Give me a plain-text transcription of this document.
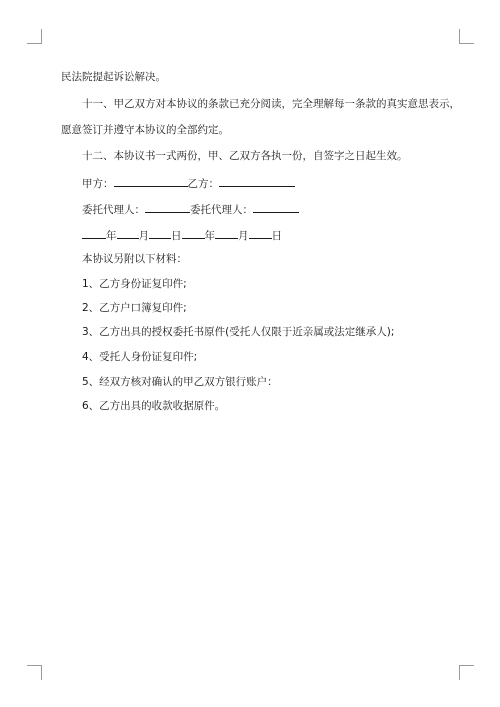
民法院提起诉讼解决。
十一、甲乙双方对本协议的条款已充分阅读，完全理解每一条款的真实意思表示，
愿意签订并遵守本协议的全部约定。
十二、本协议书一式两份，甲、乙双方各执一份，自签字之日起生效。
甲方：	乙方：
委托代理人：	委托代理人：
年 月 日 年 月 日
本协议另附以下材料：
1、乙方身份证复印件;
2、乙方户口簿复印件;
3、乙方出具的授权委托书原件(受托人仅限于近亲属或法定继承人);
4、受托人身份证复印件;
5、经双方核对确认的甲乙双方银行账户：
6、乙方出具的收款收据原件。
